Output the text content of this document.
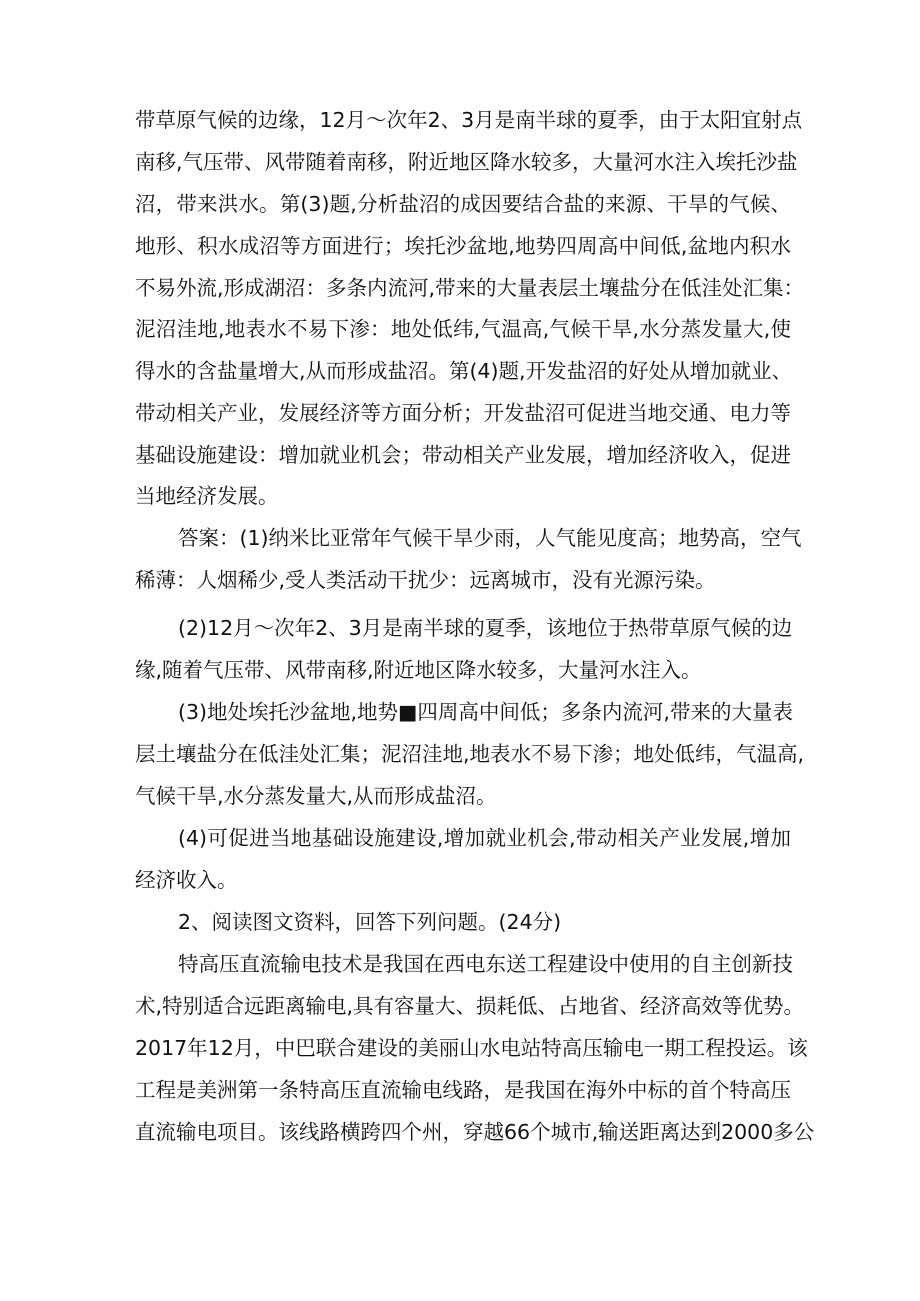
带草原气候的边缘，12月～次年2、3月是南半球的夏季，由于太阳宜射点

南移,气压带、风带随着南移，附近地区降水较多，大量河水注入埃托沙盐

沼，带来洪水。第(3)题,分析盐沼的成因要结合盐的来源、干旱的气候、

地形、积水成沼等方面进行；埃托沙盆地,地势四周高中间低,盆地内积水

不易外流,形成湖沼：多条内流河,带来的大量表层土壤盐分在低洼处汇集：

泥沼洼地,地表水不易下渗：地处低纬,气温高,气候干旱,水分蒸发量大,使

得水的含盐量增大,从而形成盐沼。第(4)题,开发盐沼的好处从增加就业、

带动相关产业，发展经济等方面分析；开发盐沼可促进当地交通、电力等

基础设施建设：增加就业机会；带动相关产业发展，增加经济收入，促进

当地经济发展。

答案：(1)纳米比亚常年气候干旱少雨，人气能见度高；地势高，空气

稀薄：人烟稀少,受人类活动干扰少：远离城市，没有光源污染。

(2)12月～次年2、3月是南半球的夏季，该地位于热带草原气候的边

缘,随着气压带、风带南移,附近地区降水较多，大量河水注入。

(3)地处埃托沙盆地,地势■四周高中间低；多条内流河,带来的大量表

层土壤盐分在低洼处汇集；泥沼洼地,地表水不易下渗；地处低纬，气温高,

气候干旱,水分蒸发量大,从而形成盐沼。

(4)可促进当地基础设施建设,增加就业机会,带动相关产业发展,增加

经济收入。

2、阅读图文资料，回答下列问题。(24分)

特高压直流输电技术是我国在西电东送工程建设中使用的自主创新技

术,特别适合远距离输电,具有容量大、损耗低、占地省、经济高效等优势。

2017年12月，中巴联合建设的美丽山水电站特高压输电一期工程投运。该

工程是美洲第一条特高压直流输电线路，是我国在海外中标的首个特高压

直流输电项目。该线路横跨四个州，穿越66个城市,输送距离达到2000多公
